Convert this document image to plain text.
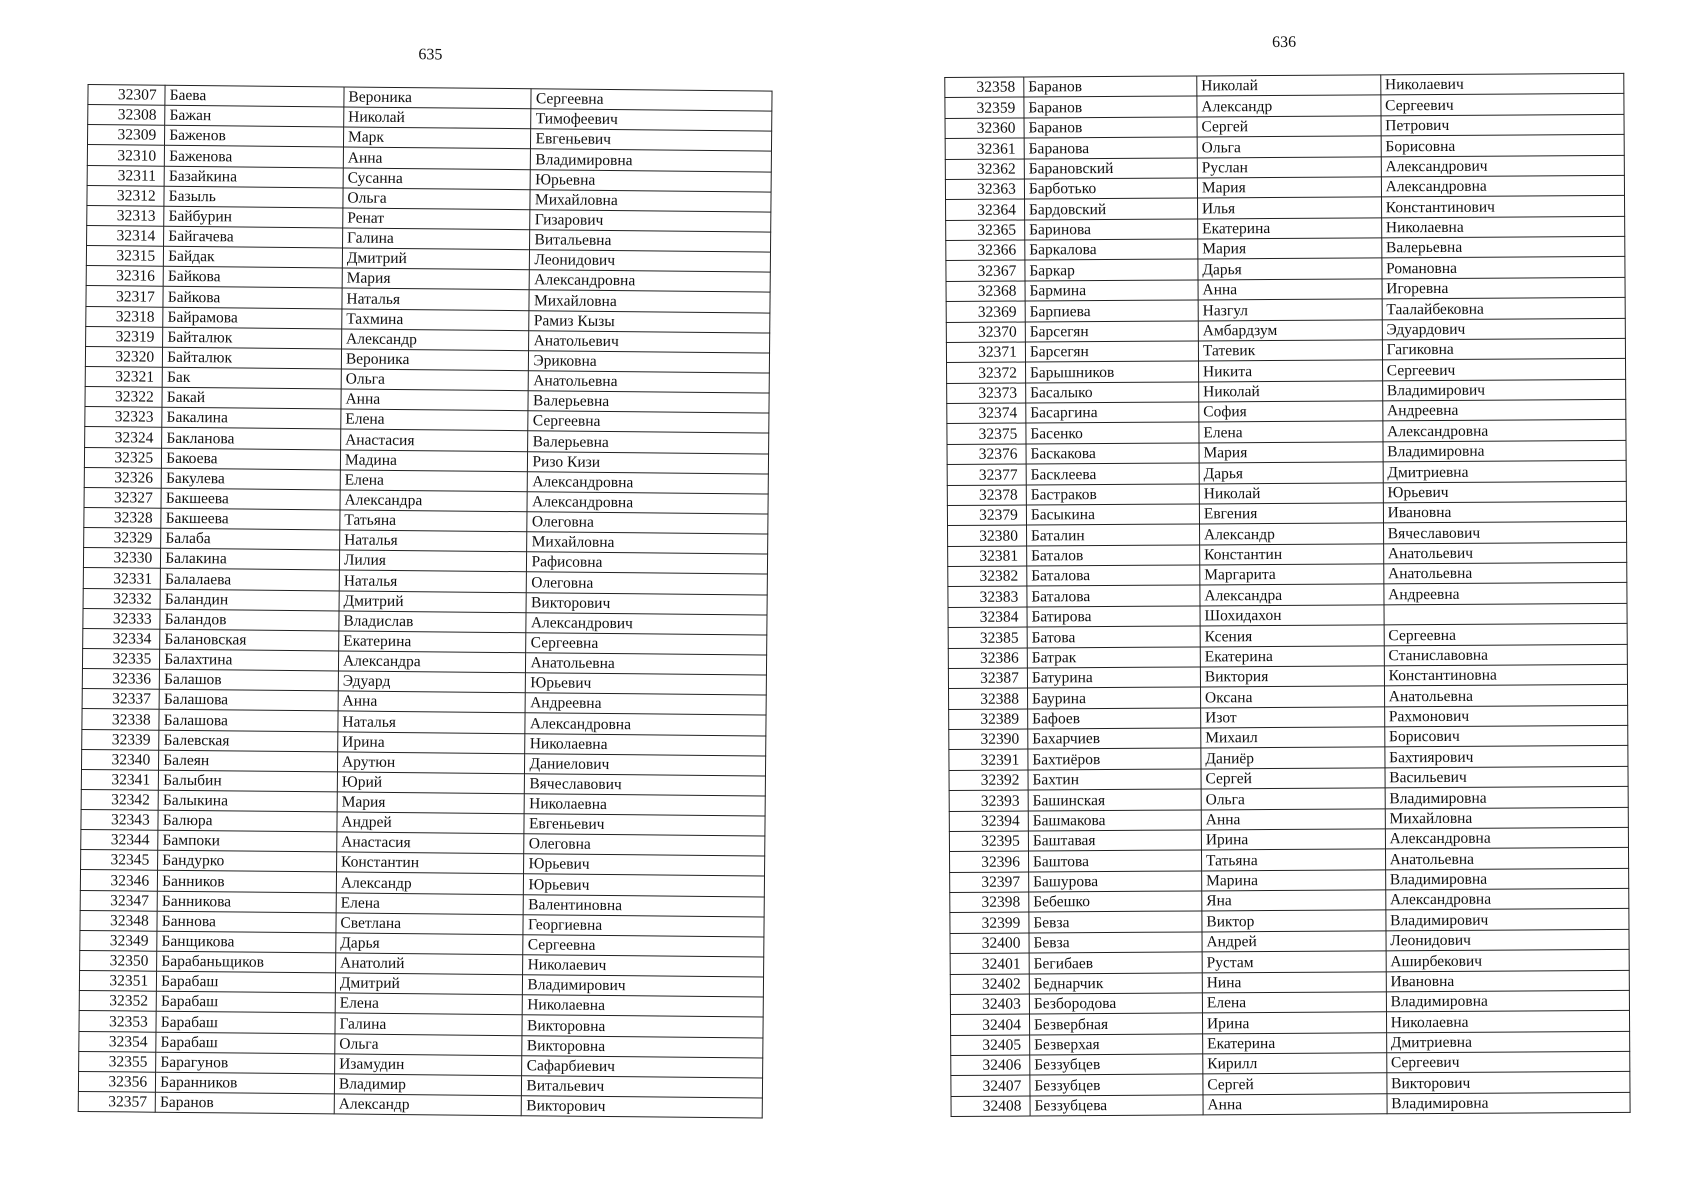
635
32307	Баева	Вероника	Сергеевна
32308	Бажан	Николай	Тимофеевич
32309	Баженов	Марк	Евгеньевич
32310	Баженова	Анна	Владимировна
32311	Базайкина	Сусанна	Юрьевна
32312	Базыль	Ольга	Михайловна
32313	Байбурин	Ренат	Гизарович
32314	Байгачева	Галина	Витальевна
32315	Байдак	Дмитрий	Леонидович
32316	Байкова	Мария	Александровна
32317	Байкова	Наталья	Михайловна
32318	Байрамова	Тахмина	Рамиз Кызы
32319	Байталюк	Александр	Анатольевич
32320	Байталюк	Вероника	Эриковна
32321	Бак	Ольга	Анатольевна
32322	Бакай	Анна	Валерьевна
32323	Бакалина	Елена	Сергеевна
32324	Бакланова	Анастасия	Валерьевна
32325	Бакоева	Мадина	Ризо Кизи
32326	Бакулева	Елена	Александровна
32327	Бакшеева	Александра	Александровна
32328	Бакшеева	Татьяна	Олеговна
32329	Балаба	Наталья	Михайловна
32330	Балакина	Лилия	Рафисовна
32331	Балалаева	Наталья	Олеговна
32332	Баландин	Дмитрий	Викторович
32333	Баландов	Владислав	Александрович
32334	Балановская	Екатерина	Сергеевна
32335	Балахтина	Александра	Анатольевна
32336	Балашов	Эдуард	Юрьевич
32337	Балашова	Анна	Андреевна
32338	Балашова	Наталья	Александровна
32339	Балевская	Ирина	Николаевна
32340	Балеян	Арутюн	Даниелович
32341	Балыбин	Юрий	Вячеславович
32342	Балыкина	Мария	Николаевна
32343	Балюра	Андрей	Евгеньевич
32344	Бампоки	Анастасия	Олеговна
32345	Бандурко	Константин	Юрьевич
32346	Банников	Александр	Юрьевич
32347	Банникова	Елена	Валентиновна
32348	Баннова	Светлана	Георгиевна
32349	Банщикова	Дарья	Сергеевна
32350	Барабаньщиков	Анатолий	Николаевич
32351	Барабаш	Дмитрий	Владимирович
32352	Барабаш	Елена	Николаевна
32353	Барабаш	Галина	Викторовна
32354	Барабаш	Ольга	Викторовна
32355	Барагунов	Изамудин	Сафарбиевич
32356	Баранников	Владимир	Витальевич
32357	Баранов	Александр	Викторович
636
32358	Баранов	Николай	Николаевич
32359	Баранов	Александр	Сергеевич
32360	Баранов	Сергей	Петрович
32361	Баранова	Ольга	Борисовна
32362	Барановский	Руслан	Александрович
32363	Барботько	Мария	Александровна
32364	Бардовский	Илья	Константинович
32365	Баринова	Екатерина	Николаевна
32366	Баркалова	Мария	Валерьевна
32367	Баркар	Дарья	Романовна
32368	Бармина	Анна	Игоревна
32369	Барпиева	Назгул	Таалайбековна
32370	Барсегян	Амбардзум	Эдуардович
32371	Барсегян	Татевик	Гагиковна
32372	Барышников	Никита	Сергеевич
32373	Басалыко	Николай	Владимирович
32374	Басаргина	София	Андреевна
32375	Басенко	Елена	Александровна
32376	Баскакова	Мария	Владимировна
32377	Басклеева	Дарья	Дмитриевна
32378	Бастраков	Николай	Юрьевич
32379	Басыкина	Евгения	Ивановна
32380	Баталин	Александр	Вячеславович
32381	Баталов	Константин	Анатольевич
32382	Баталова	Маргарита	Анатольевна
32383	Баталова	Александра	Андреевна
32384	Батирова	Шохидахон	
32385	Батова	Ксения	Сергеевна
32386	Батрак	Екатерина	Станиславовна
32387	Батурина	Виктория	Константиновна
32388	Баурина	Оксана	Анатольевна
32389	Бафоев	Изот	Рахмонович
32390	Бахарчиев	Михаил	Борисович
32391	Бахтиёров	Даниёр	Бахтиярович
32392	Бахтин	Сергей	Васильевич
32393	Башинская	Ольга	Владимировна
32394	Башмакова	Анна	Михайловна
32395	Баштавая	Ирина	Александровна
32396	Баштова	Татьяна	Анатольевна
32397	Башурова	Марина	Владимировна
32398	Бебешко	Яна	Александровна
32399	Бевза	Виктор	Владимирович
32400	Бевза	Андрей	Леонидович
32401	Бегибаев	Рустам	Аширбекович
32402	Беднарчик	Нина	Ивановна
32403	Безбородова	Елена	Владимировна
32404	Безвербная	Ирина	Николаевна
32405	Безверхая	Екатерина	Дмитриевна
32406	Беззубцев	Кирилл	Сергеевич
32407	Беззубцев	Сергей	Викторович
32408	Беззубцева	Анна	Владимировна
